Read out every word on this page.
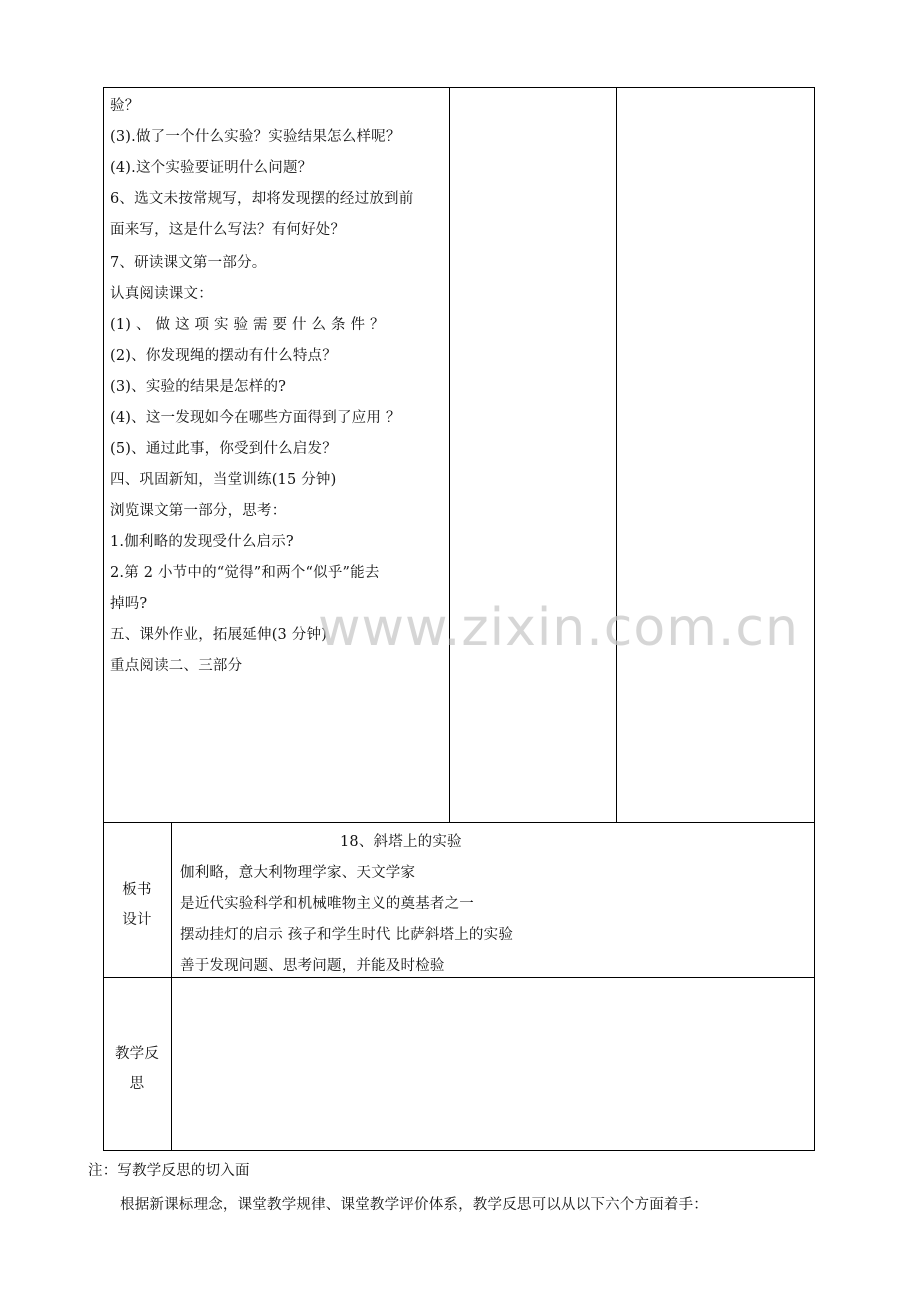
验？
(3).做了一个什么实验？实验结果怎么样呢？
(4).这个实验要证明什么问题？
6、选文未按常规写，却将发现摆的经过放到前
面来写，这是什么写法？有何好处？
7、研读课文第一部分。
认真阅读课文：
(1) 、 做 这 项 实 验 需 要 什 么 条 件 ？
(2)、你发现绳的摆动有什么特点？
(3)、实验的结果是怎样的?
(4)、这一发现如今在哪些方面得到了应用 ？
(5)、通过此事，你受到什么启发？
四、巩固新知，当堂训练(15 分钟)
浏览课文第一部分，思考：
1.伽利略的发现受什么启示?
2.第 2 小节中的“觉得”和两个“似乎”能去
掉吗?
五、课外作业，拓展延伸(3 分钟)
重点阅读二、三部分
www.zixin.com.cn
板书
设计
18、斜塔上的实验
伽利略，意大利物理学家、天文学家
是近代实验科学和机械唯物主义的奠基者之一
摆动挂灯的启示 孩子和学生时代 比萨斜塔上的实验
善于发现问题、思考问题，并能及时检验
教学反
思
注：写教学反思的切入面
根据新课标理念，课堂教学规律、课堂教学评价体系，教学反思可以从以下六个方面着手：
